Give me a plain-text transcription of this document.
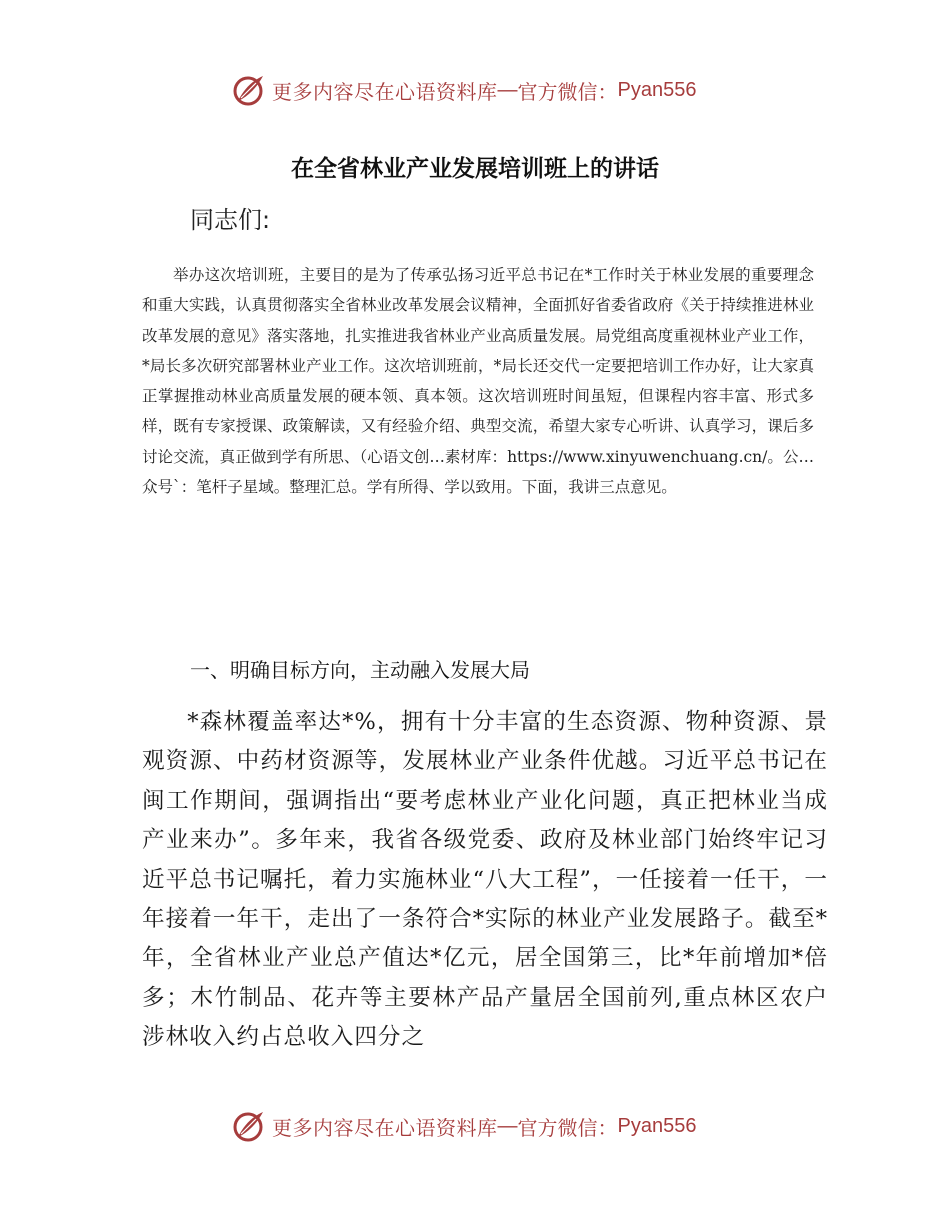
更多内容尽在心语资料库 — 官方微信： Pyan556
在全省林业产业发展培训班上的讲话
同志们:

举办这次培训班，主要目的是为了传承弘扬习近平总书记在*工作时关于林业发展的重要理念和重大实践，认真贯彻落实全省林业改革发展会议精神，全面抓好省委省政府《关于持续推进林业改革发展的意见》落实落地，扎实推进我省林业产业高质量发展。局党组高度重视林业产业工作，*局长多次研究部署林业产业工作。这次培训班前，*局长还交代一定要把培训工作办好，让大家真正掌握推动林业高质量发展的硬本领、真本领。这次培训班时间虽短，但课程内容丰富、形式多样，既有专家授课、政策解读，又有经验介绍、典型交流，希望大家专心听讲、认真学习，课后多讨论交流，真正做到学有所思、（心语文创…素材库：https://www.xinyuwenchuang.cn/。公…众号`：笔杆子星域。整理汇总。学有所得、学以致用。下面，我讲三点意见。

一、明确目标方向，主动融入发展大局

*森林覆盖率达*%，拥有十分丰富的生态资源、物种资源、景观资源、中药材资源等，发展林业产业条件优越。习近平总书记在闽工作期间，强调指出“要考虑林业产业化问题，真正把林业当成产业来办”。多年来，我省各级党委、政府及林业部门始终牢记习近平总书记嘱托，着力实施林业“八大工程”，一任接着一任干，一年接着一年干，走出了一条符合*实际的林业产业发展路子。截至*年，全省林业产业总产值达*亿元，居全国第三，比*年前增加*倍多；木竹制品、花卉等主要林产品产量居全国前列,重点林区农户涉林收入约占总收入四分之

更多内容尽在心语资料库 — 官方微信： Pyan556
